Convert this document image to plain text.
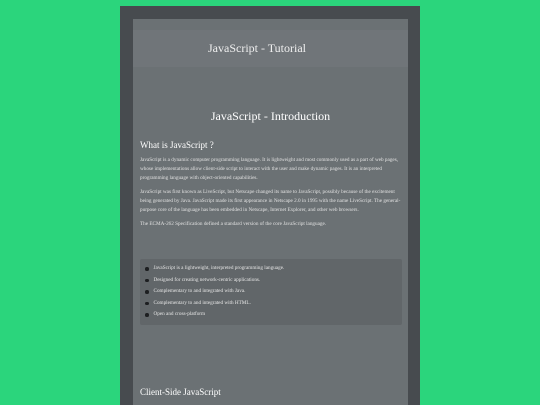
JavaScript - Tutorial
JavaScript - Introduction
What is JavaScript ?
JavaScript is a dynamic computer programming language. It is lightweight and most commonly used as a part of web pages, whose implementations allow client-side script to interact with the user and make dynamic pages. It is an interpreted programming language with object-oriented capabilities.
JavaScript was first known as LiveScript, but Netscape changed its name to JavaScript, possibly because of the excitement being generated by Java. JavaScript made its first appearance in Netscape 2.0 in 1995 with the name LiveScript. The general-purpose core of the language has been embedded in Netscape, Internet Explorer, and other web browsers.
The ECMA-262 Specification defined a standard version of the core JavaScript language.
JavaScript is a lightweight, interpreted programming language.
Designed for creating network-centric applications.
Complementary to and integrated with Java.
Complementary to and integrated with HTML.
Open and cross-platform
Client-Side JavaScript
